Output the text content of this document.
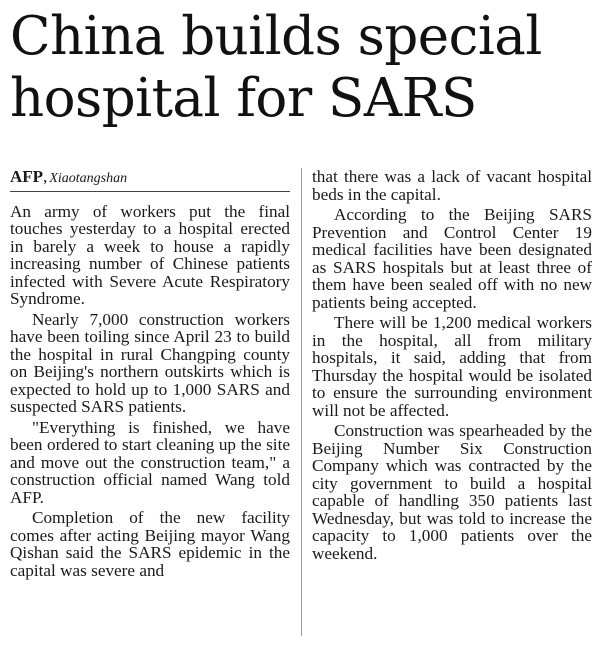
China builds special
hospital for SARS
AFP , Xiaotangshan

An army of workers put the final touches yesterday to a hospital erected in barely a week to house a rapidly increasing number of Chinese patients infected with Severe Acute Respiratory Syndrome.

Nearly 7,000 construction workers have been toiling since April 23 to build the hospital in rural Changping county on Beijing's northern outskirts which is expected to hold up to 1,000 SARS and suspected SARS patients.

"Everything is finished, we have been ordered to start cleaning up the site and move out the construction team," a construction official named Wang told AFP.

Completion of the new facility comes after acting Beijing mayor Wang Qishan said the SARS epidemic in the capital was severe and

that there was a lack of vacant hospital beds in the capital.

According to the Beijing SARS Prevention and Control Center 19 medical facilities have been designated as SARS hospitals but at least three of them have been sealed off with no new patients being accepted.

There will be 1,200 medical workers in the hospital, all from military hospitals, it said, adding that from Thursday the hospital would be isolated to ensure the surrounding environment will not be affected.

Construction was spearheaded by the Beijing Number Six Construction Company which was contracted by the city government to build a hospital capable of handling 350 patients last Wednesday, but was told to increase the capacity to 1,000 patients over the weekend.
